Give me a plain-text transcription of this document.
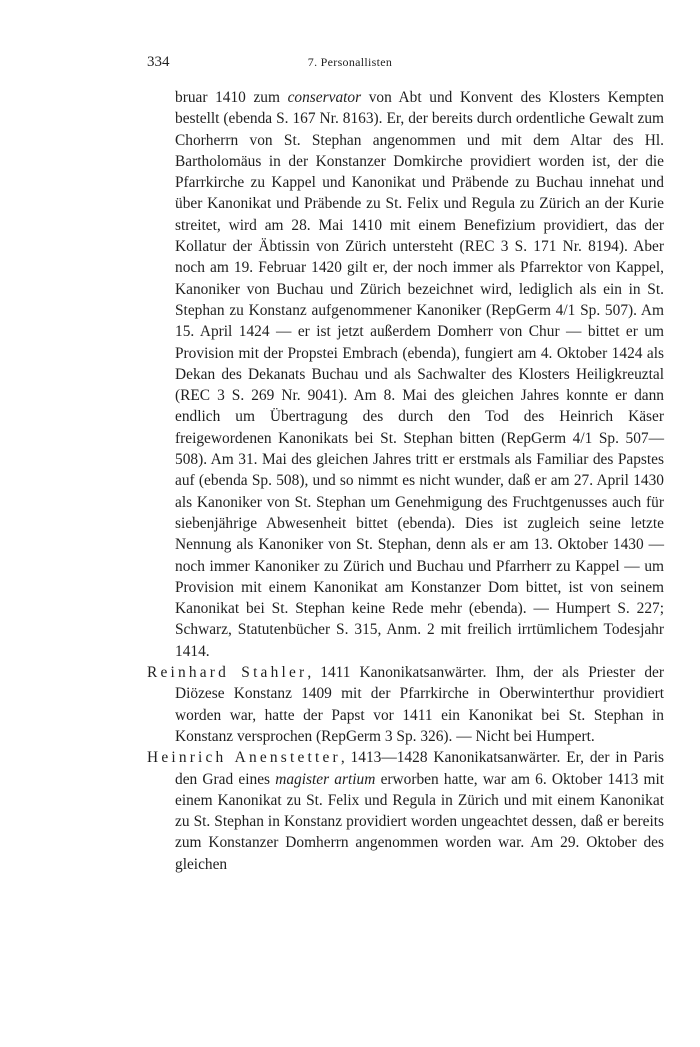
334	7. Personallisten

bruar 1410 zum conservator von Abt und Konvent des Klosters Kempten bestellt (ebenda S. 167 Nr. 8163). Er, der bereits durch ordentliche Gewalt zum Chorherrn von St. Stephan angenommen und mit dem Altar des Hl. Bartholomäus in der Konstanzer Domkirche providiert worden ist, der die Pfarrkirche zu Kappel und Kanonikat und Präbende zu Buchau innehat und über Kanonikat und Präbende zu St. Felix und Regula zu Zürich an der Kurie streitet, wird am 28. Mai 1410 mit einem Benefizium providiert, das der Kollatur der Äbtissin von Zürich untersteht (REC 3 S. 171 Nr. 8194). Aber noch am 19. Februar 1420 gilt er, der noch immer als Pfarrektor von Kappel, Kanoniker von Buchau und Zürich bezeichnet wird, lediglich als ein in St. Stephan zu Konstanz aufgenommener Kanoniker (RepGerm 4/1 Sp. 507). Am 15. April 1424 — er ist jetzt außerdem Domherr von Chur — bittet er um Provision mit der Propstei Embrach (ebenda), fungiert am 4. Oktober 1424 als Dekan des Dekanats Buchau und als Sachwalter des Klosters Heiligkreuztal (REC 3 S. 269 Nr. 9041). Am 8. Mai des gleichen Jahres konnte er dann endlich um Übertragung des durch den Tod des Heinrich Käser freigewordenen Kanonikats bei St. Stephan bitten (RepGerm 4/1 Sp. 507—508). Am 31. Mai des gleichen Jahres tritt er erstmals als Familiar des Papstes auf (ebenda Sp. 508), und so nimmt es nicht wunder, daß er am 27. April 1430 als Kanoniker von St. Stephan um Genehmigung des Fruchtgenusses auch für siebenjährige Abwesenheit bittet (ebenda). Dies ist zugleich seine letzte Nennung als Kanoniker von St. Stephan, denn als er am 13. Oktober 1430 — noch immer Kanoniker zu Zürich und Buchau und Pfarrherr zu Kappel — um Provision mit einem Kanonikat am Konstanzer Dom bittet, ist von seinem Kanonikat bei St. Stephan keine Rede mehr (ebenda). — Humpert S. 227; Schwarz, Statutenbücher S. 315, Anm. 2 mit freilich irrtümlichem Todesjahr 1414.

Reinhard Stahler, 1411 Kanonikatsanwärter. Ihm, der als Priester der Diözese Konstanz 1409 mit der Pfarrkirche in Oberwinterthur providiert worden war, hatte der Papst vor 1411 ein Kanonikat bei St. Stephan in Konstanz versprochen (RepGerm 3 Sp. 326). — Nicht bei Humpert.

Heinrich Anenstetter, 1413—1428 Kanonikatsanwärter. Er, der in Paris den Grad eines magister artium erworben hatte, war am 6. Oktober 1413 mit einem Kanonikat zu St. Felix und Regula in Zürich und mit einem Kanonikat zu St. Stephan in Konstanz providiert worden ungeachtet dessen, daß er bereits zum Konstanzer Domherrn angenommen worden war. Am 29. Oktober des gleichen
